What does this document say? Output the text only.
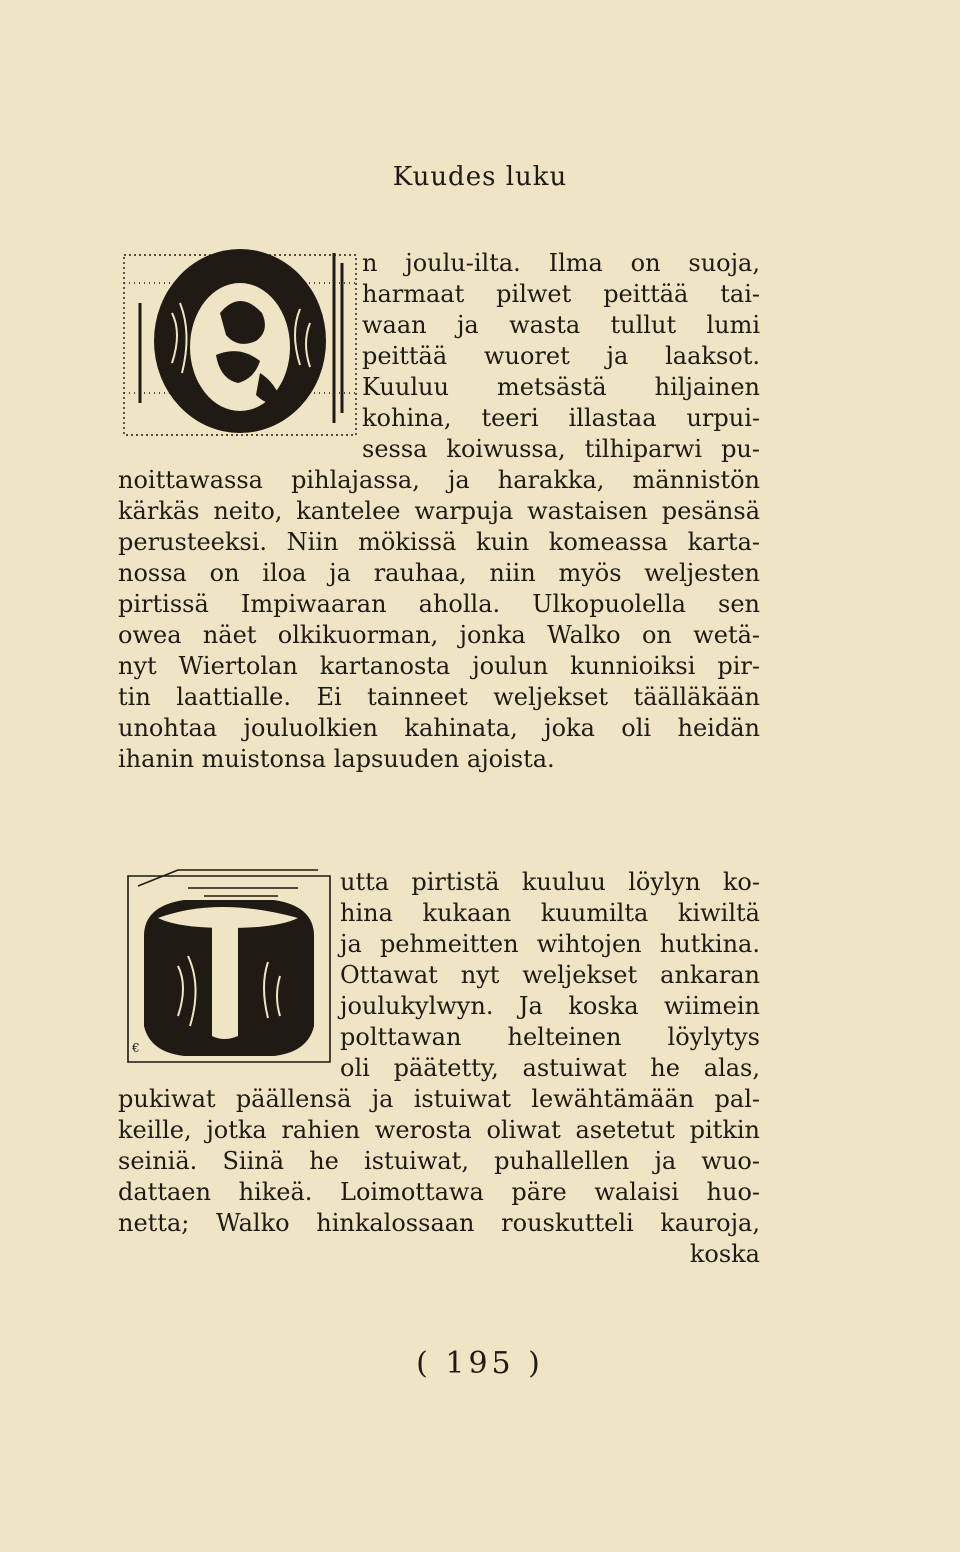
Kuudes luku
n joulu-ilta. Ilma on suoja,
harmaat pilwet peittää tai-
waan ja wasta tullut lumi
peittää wuoret ja laaksot.
Kuuluu metsästä hiljainen
kohina, teeri illastaa urpui-
sessa koiwussa, tilhiparwi pu-
noittawassa pihlajassa, ja harakka, männistön
kärkäs neito, kantelee warpuja wastaisen pesänsä
perusteeksi. Niin mökissä kuin komeassa karta-
nossa on iloa ja rauhaa, niin myös weljesten
pirtissä Impiwaaran aholla. Ulkopuolella sen
owea näet olkikuorman, jonka Walko on wetä-
nyt Wiertolan kartanosta joulun kunnioiksi pir-
tin laattialle. Ei tainneet weljekset täälläkään
unohtaa jouluolkien kahinata, joka oli heidän
ihanin muistonsa lapsuuden ajoista.
€
utta pirtistä kuuluu löylyn ko-
hina kukaan kuumilta kiwiltä
ja pehmeitten wihtojen hutkina.
Ottawat nyt weljekset ankaran
joulukylwyn. Ja koska wiimein
polttawan helteinen löylytys
oli päätetty, astuiwat he alas,
pukiwat päällensä ja istuiwat lewähtämään pal-
keille, jotka rahien werosta oliwat asetetut pitkin
seiniä. Siinä he istuiwat, puhallellen ja wuo-
dattaen hikeä. Loimottawa päre walaisi huo-
netta; Walko hinkalossaan rouskutteli kauroja,
koska
( 195 )
